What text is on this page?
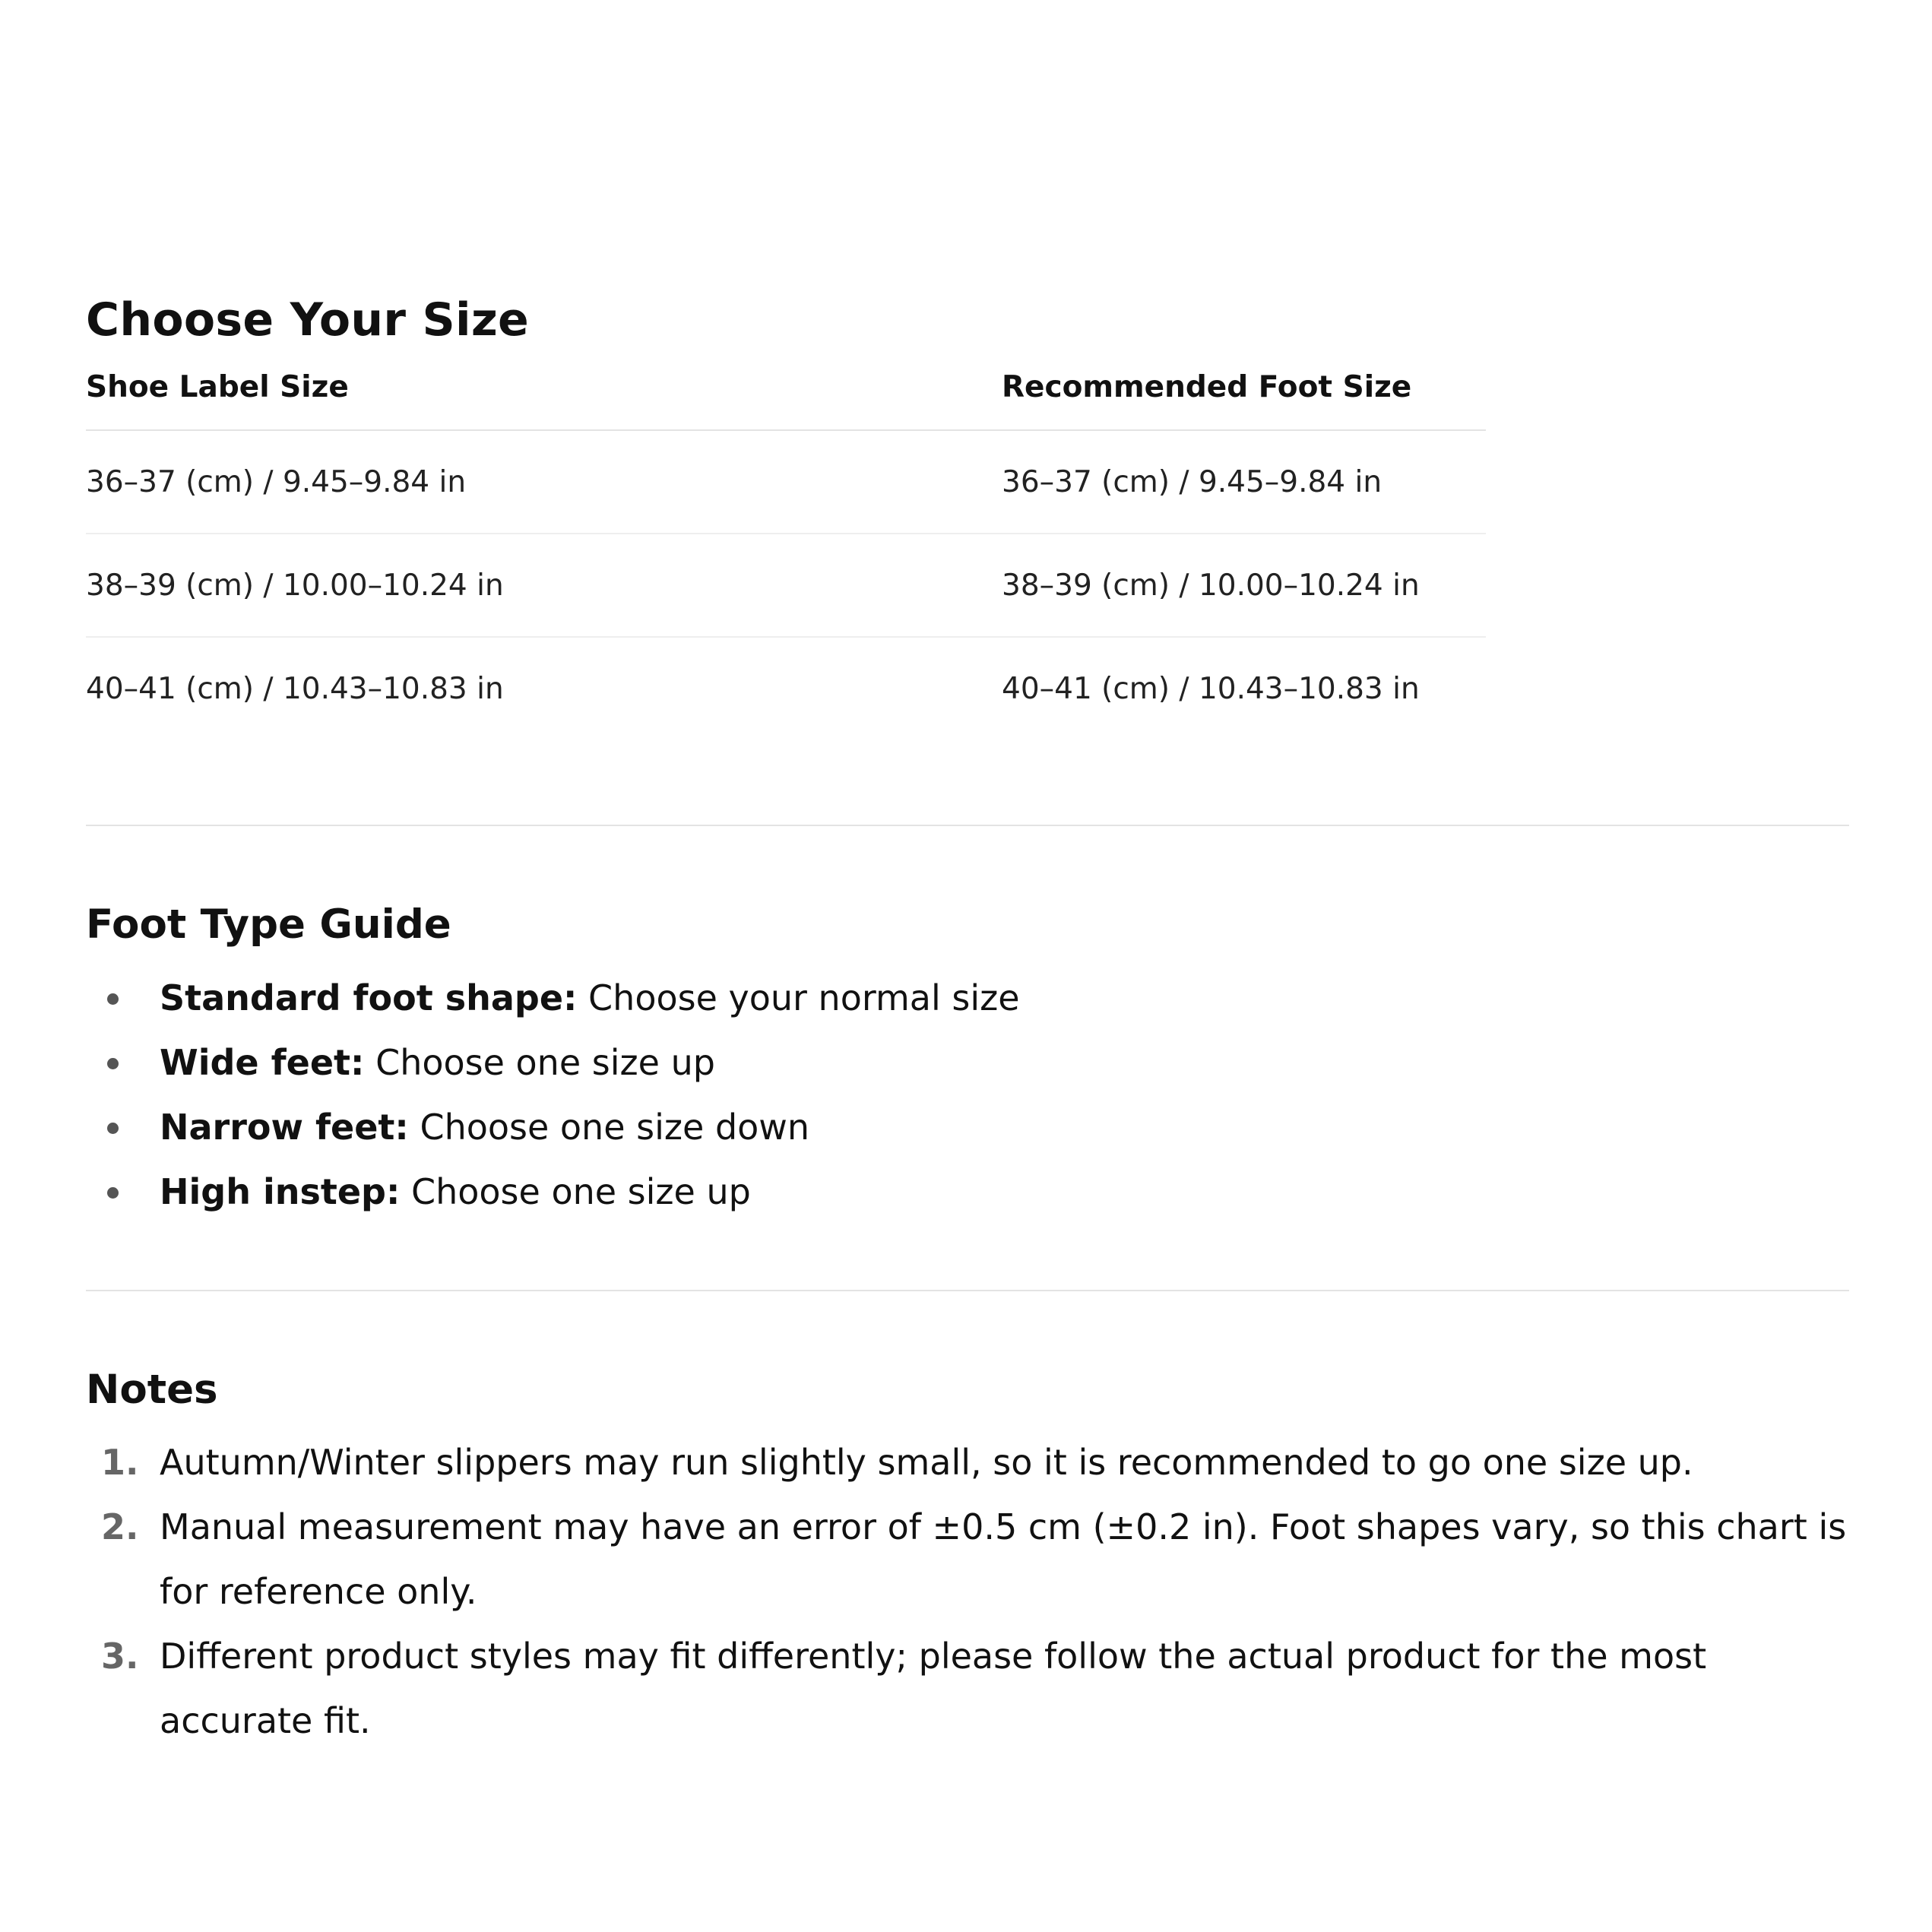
Choose Your Size
Shoe Label Size	Recommended Foot Size
36–37 (cm) / 9.45–9.84 in	36–37 (cm) / 9.45–9.84 in
38–39 (cm) / 10.00–10.24 in	38–39 (cm) / 10.00–10.24 in
40–41 (cm) / 10.43–10.83 in	40–41 (cm) / 10.43–10.83 in
Foot Type Guide
Standard foot shape: Choose your normal size
Wide feet: Choose one size up
Narrow feet: Choose one size down
High instep: Choose one size up
Notes
1. Autumn/Winter slippers may run slightly small, so it is recommended to go one size up.
2. Manual measurement may have an error of ±0.5 cm (±0.2 in). Foot shapes vary, so this chart is for reference only.
3. Different product styles may fit differently; please follow the actual product for the most accurate fit.
